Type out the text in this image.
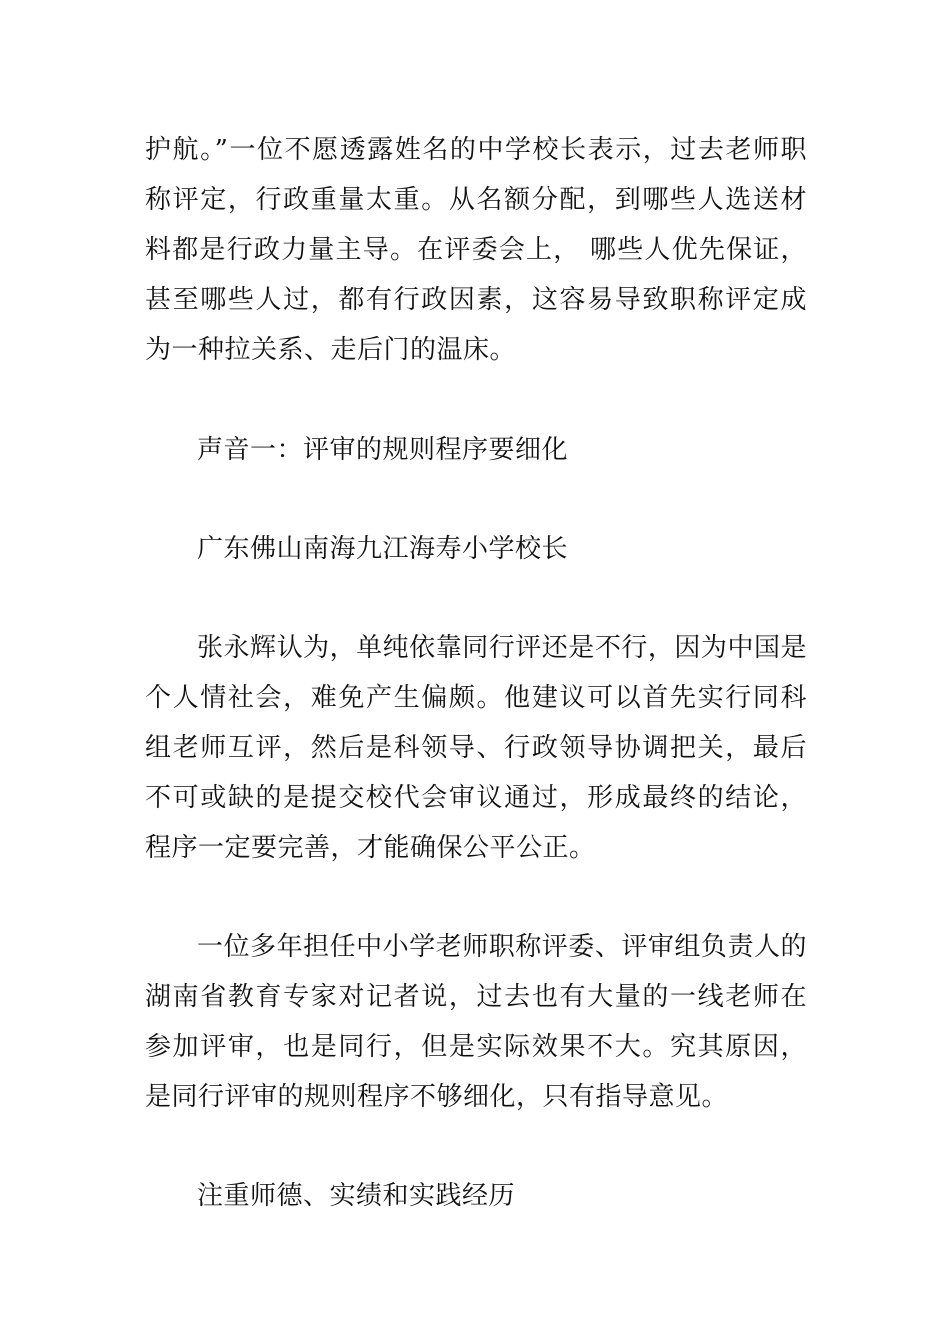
护航。”一位不愿透露姓名的中学校长表示，过去老师职称评定，行政重量太重。从名额分配，到哪些人选送材料都是行政力量主导。在评委会上， 哪些人优先保证，甚至哪些人过，都有行政因素，这容易导致职称评定成为一种拉关系、走后门的温床。
声音一：评审的规则程序要细化
广东佛山南海九江海寿小学校长
张永辉认为，单纯依靠同行评还是不行，因为中国是个人情社会，难免产生偏颇。他建议可以首先实行同科组老师互评，然后是科领导、行政领导协调把关，最后不可或缺的是提交校代会审议通过，形成最终的结论，程序一定要完善，才能确保公平公正。
一位多年担任中小学老师职称评委、评审组负责人的湖南省教育专家对记者说，过去也有大量的一线老师在参加评审，也是同行，但是实际效果不大。究其原因，是同行评审的规则程序不够细化，只有指导意见。
注重师德、实绩和实践经历
